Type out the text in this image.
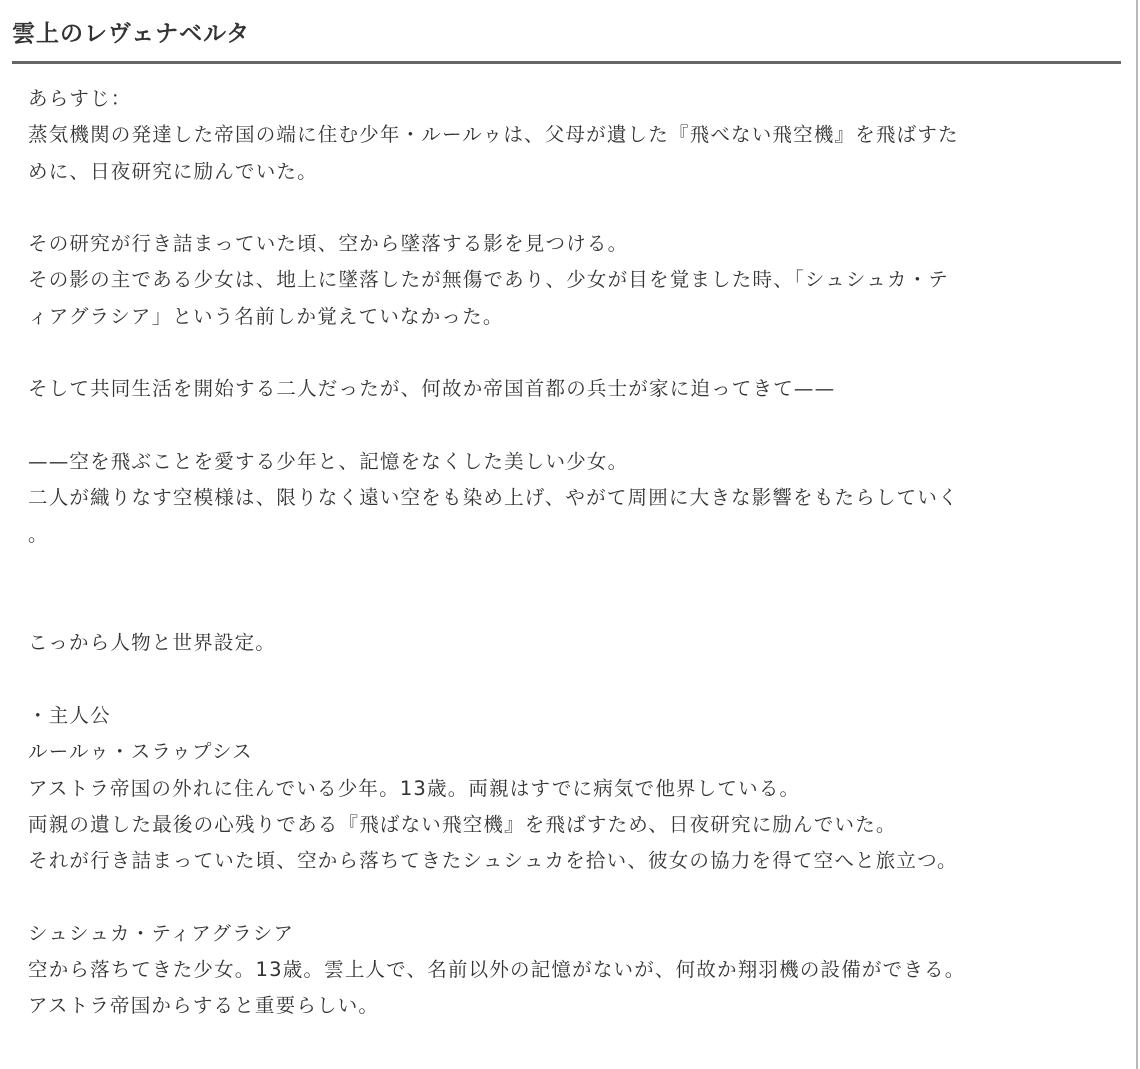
雲上のレヴェナベルタ
あらすじ：
蒸気機関の発達した帝国の端に住む少年・ルールゥは、父母が遺した『飛べない飛空機』を飛ばすた
めに、日夜研究に励んでいた。
その研究が行き詰まっていた頃、空から墜落する影を見つける。
その影の主である少女は、地上に墜落したが無傷であり、少女が目を覚ました時、「シュシュカ・テ
ィアグラシア」という名前しか覚えていなかった。
そして共同生活を開始する二人だったが、何故か帝国首都の兵士が家に迫ってきて——
——空を飛ぶことを愛する少年と、記憶をなくした美しい少女。
二人が織りなす空模様は、限りなく遠い空をも染め上げ、やがて周囲に大きな影響をもたらしていく
。
こっから人物と世界設定。
・主人公
ルールゥ・スラゥプシス
アストラ帝国の外れに住んでいる少年。13歳。両親はすでに病気で他界している。
両親の遺した最後の心残りである『飛ばない飛空機』を飛ばすため、日夜研究に励んでいた。
それが行き詰まっていた頃、空から落ちてきたシュシュカを拾い、彼女の協力を得て空へと旅立つ。
シュシュカ・ティアグラシア
空から落ちてきた少女。13歳。雲上人で、名前以外の記憶がないが、何故か翔羽機の設備ができる。
アストラ帝国からすると重要らしい。
